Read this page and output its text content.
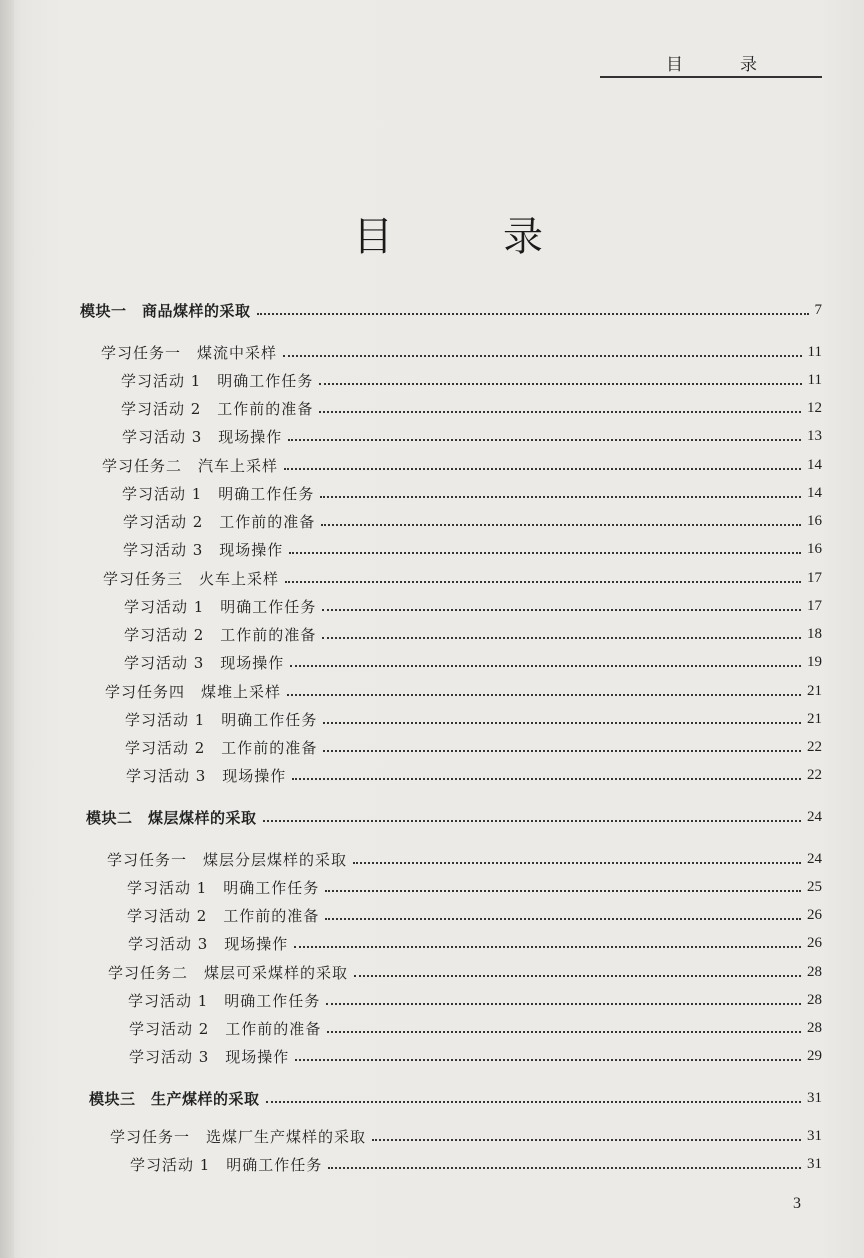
目	录
目	录
模块一　商品煤样的采取	7
学习任务一　煤流中采样	11
学习活动 1　明确工作任务	11
学习活动 2　工作前的准备	12
学习活动 3　现场操作	13
学习任务二　汽车上采样	14
学习活动 1　明确工作任务	14
学习活动 2　工作前的准备	16
学习活动 3　现场操作	16
学习任务三　火车上采样	17
学习活动 1　明确工作任务	17
学习活动 2　工作前的准备	18
学习活动 3　现场操作	19
学习任务四　煤堆上采样	21
学习活动 1　明确工作任务	21
学习活动 2　工作前的准备	22
学习活动 3　现场操作	22
模块二　煤层煤样的采取	24
学习任务一　煤层分层煤样的采取	24
学习活动 1　明确工作任务	25
学习活动 2　工作前的准备	26
学习活动 3　现场操作	26
学习任务二　煤层可采煤样的采取	28
学习活动 1　明确工作任务	28
学习活动 2　工作前的准备	28
学习活动 3　现场操作	29
模块三　生产煤样的采取	31
学习任务一　选煤厂生产煤样的采取	31
学习活动 1　明确工作任务	31
3
